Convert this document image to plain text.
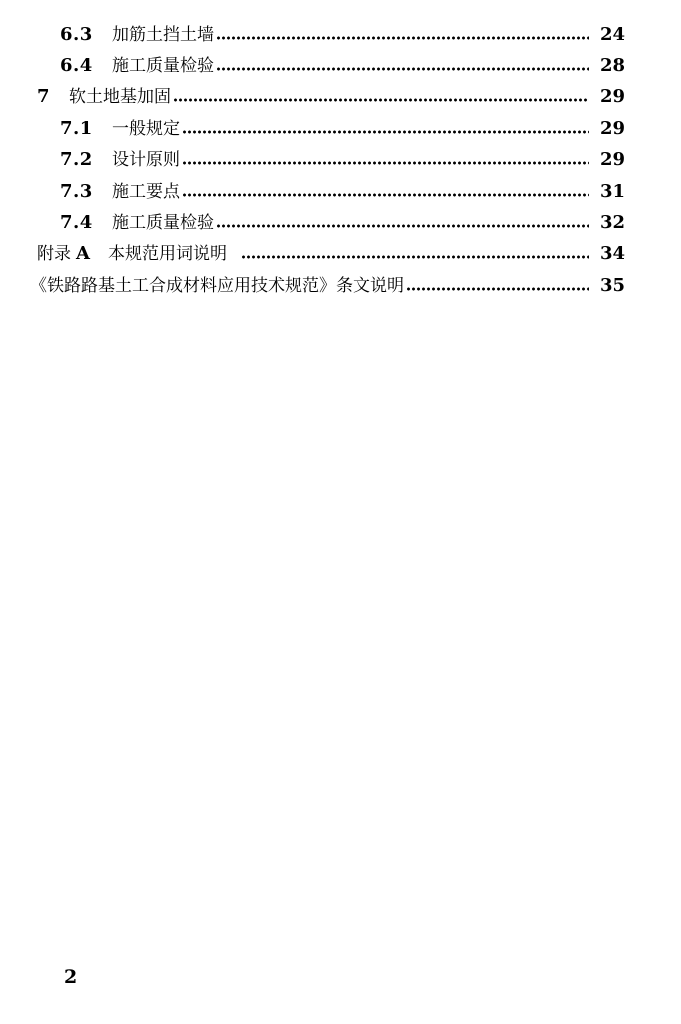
6.3	加筋土挡土墙	24
6.4	施工质量检验	28
7	软土地基加固	29
7.1	一般规定	29
7.2	设计原则	29
7.3	施工要点	31
7.4	施工质量检验	32
附录 A	本规范用词说明	34
《铁路路基土工合成材料应用技术规范》条文说明	35
2
